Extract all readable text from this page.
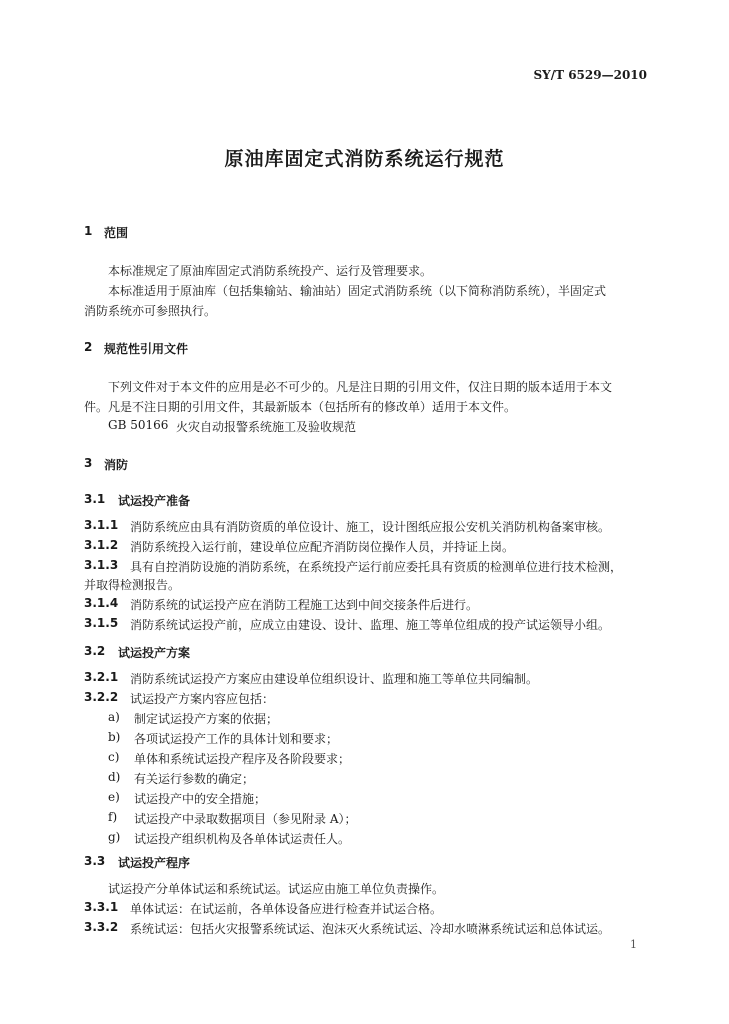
SY/T 6529—2010
原油库固定式消防系统运行规范
1 范围
本标准规定了原油库固定式消防系统投产、运行及管理要求。
本标准适用于原油库（包括集输站、输油站）固定式消防系统（以下简称消防系统），半固定式
消防系统亦可参照执行。
2 规范性引用文件
下列文件对于本文件的应用是必不可少的。凡是注日期的引用文件，仅注日期的版本适用于本文
件。凡是不注日期的引用文件，其最新版本（包括所有的修改单）适用于本文件。
GB 50166 火灾自动报警系统施工及验收规范
3 消防
3.1 试运投产准备
3.1.1 消防系统应由具有消防资质的单位设计、施工，设计图纸应报公安机关消防机构备案审核。
3.1.2 消防系统投入运行前，建设单位应配齐消防岗位操作人员，并持证上岗。
3.1.3 具有自控消防设施的消防系统，在系统投产运行前应委托具有资质的检测单位进行技术检测，
并取得检测报告。
3.1.4 消防系统的试运投产应在消防工程施工达到中间交接条件后进行。
3.1.5 消防系统试运投产前，应成立由建设、设计、监理、施工等单位组成的投产试运领导小组。
3.2 试运投产方案
3.2.1 消防系统试运投产方案应由建设单位组织设计、监理和施工等单位共同编制。
3.2.2 试运投产方案内容应包括：
a) 制定试运投产方案的依据；
b) 各项试运投产工作的具体计划和要求；
c) 单体和系统试运投产程序及各阶段要求；
d) 有关运行参数的确定；
e) 试运投产中的安全措施；
f) 试运投产中录取数据项目（参见附录 A）；
g) 试运投产组织机构及各单体试运责任人。
3.3 试运投产程序
试运投产分单体试运和系统试运。试运应由施工单位负责操作。
3.3.1 单体试运：在试运前，各单体设备应进行检查并试运合格。
3.3.2 系统试运：包括火灾报警系统试运、泡沫灭火系统试运、冷却水喷淋系统试运和总体试运。
1
